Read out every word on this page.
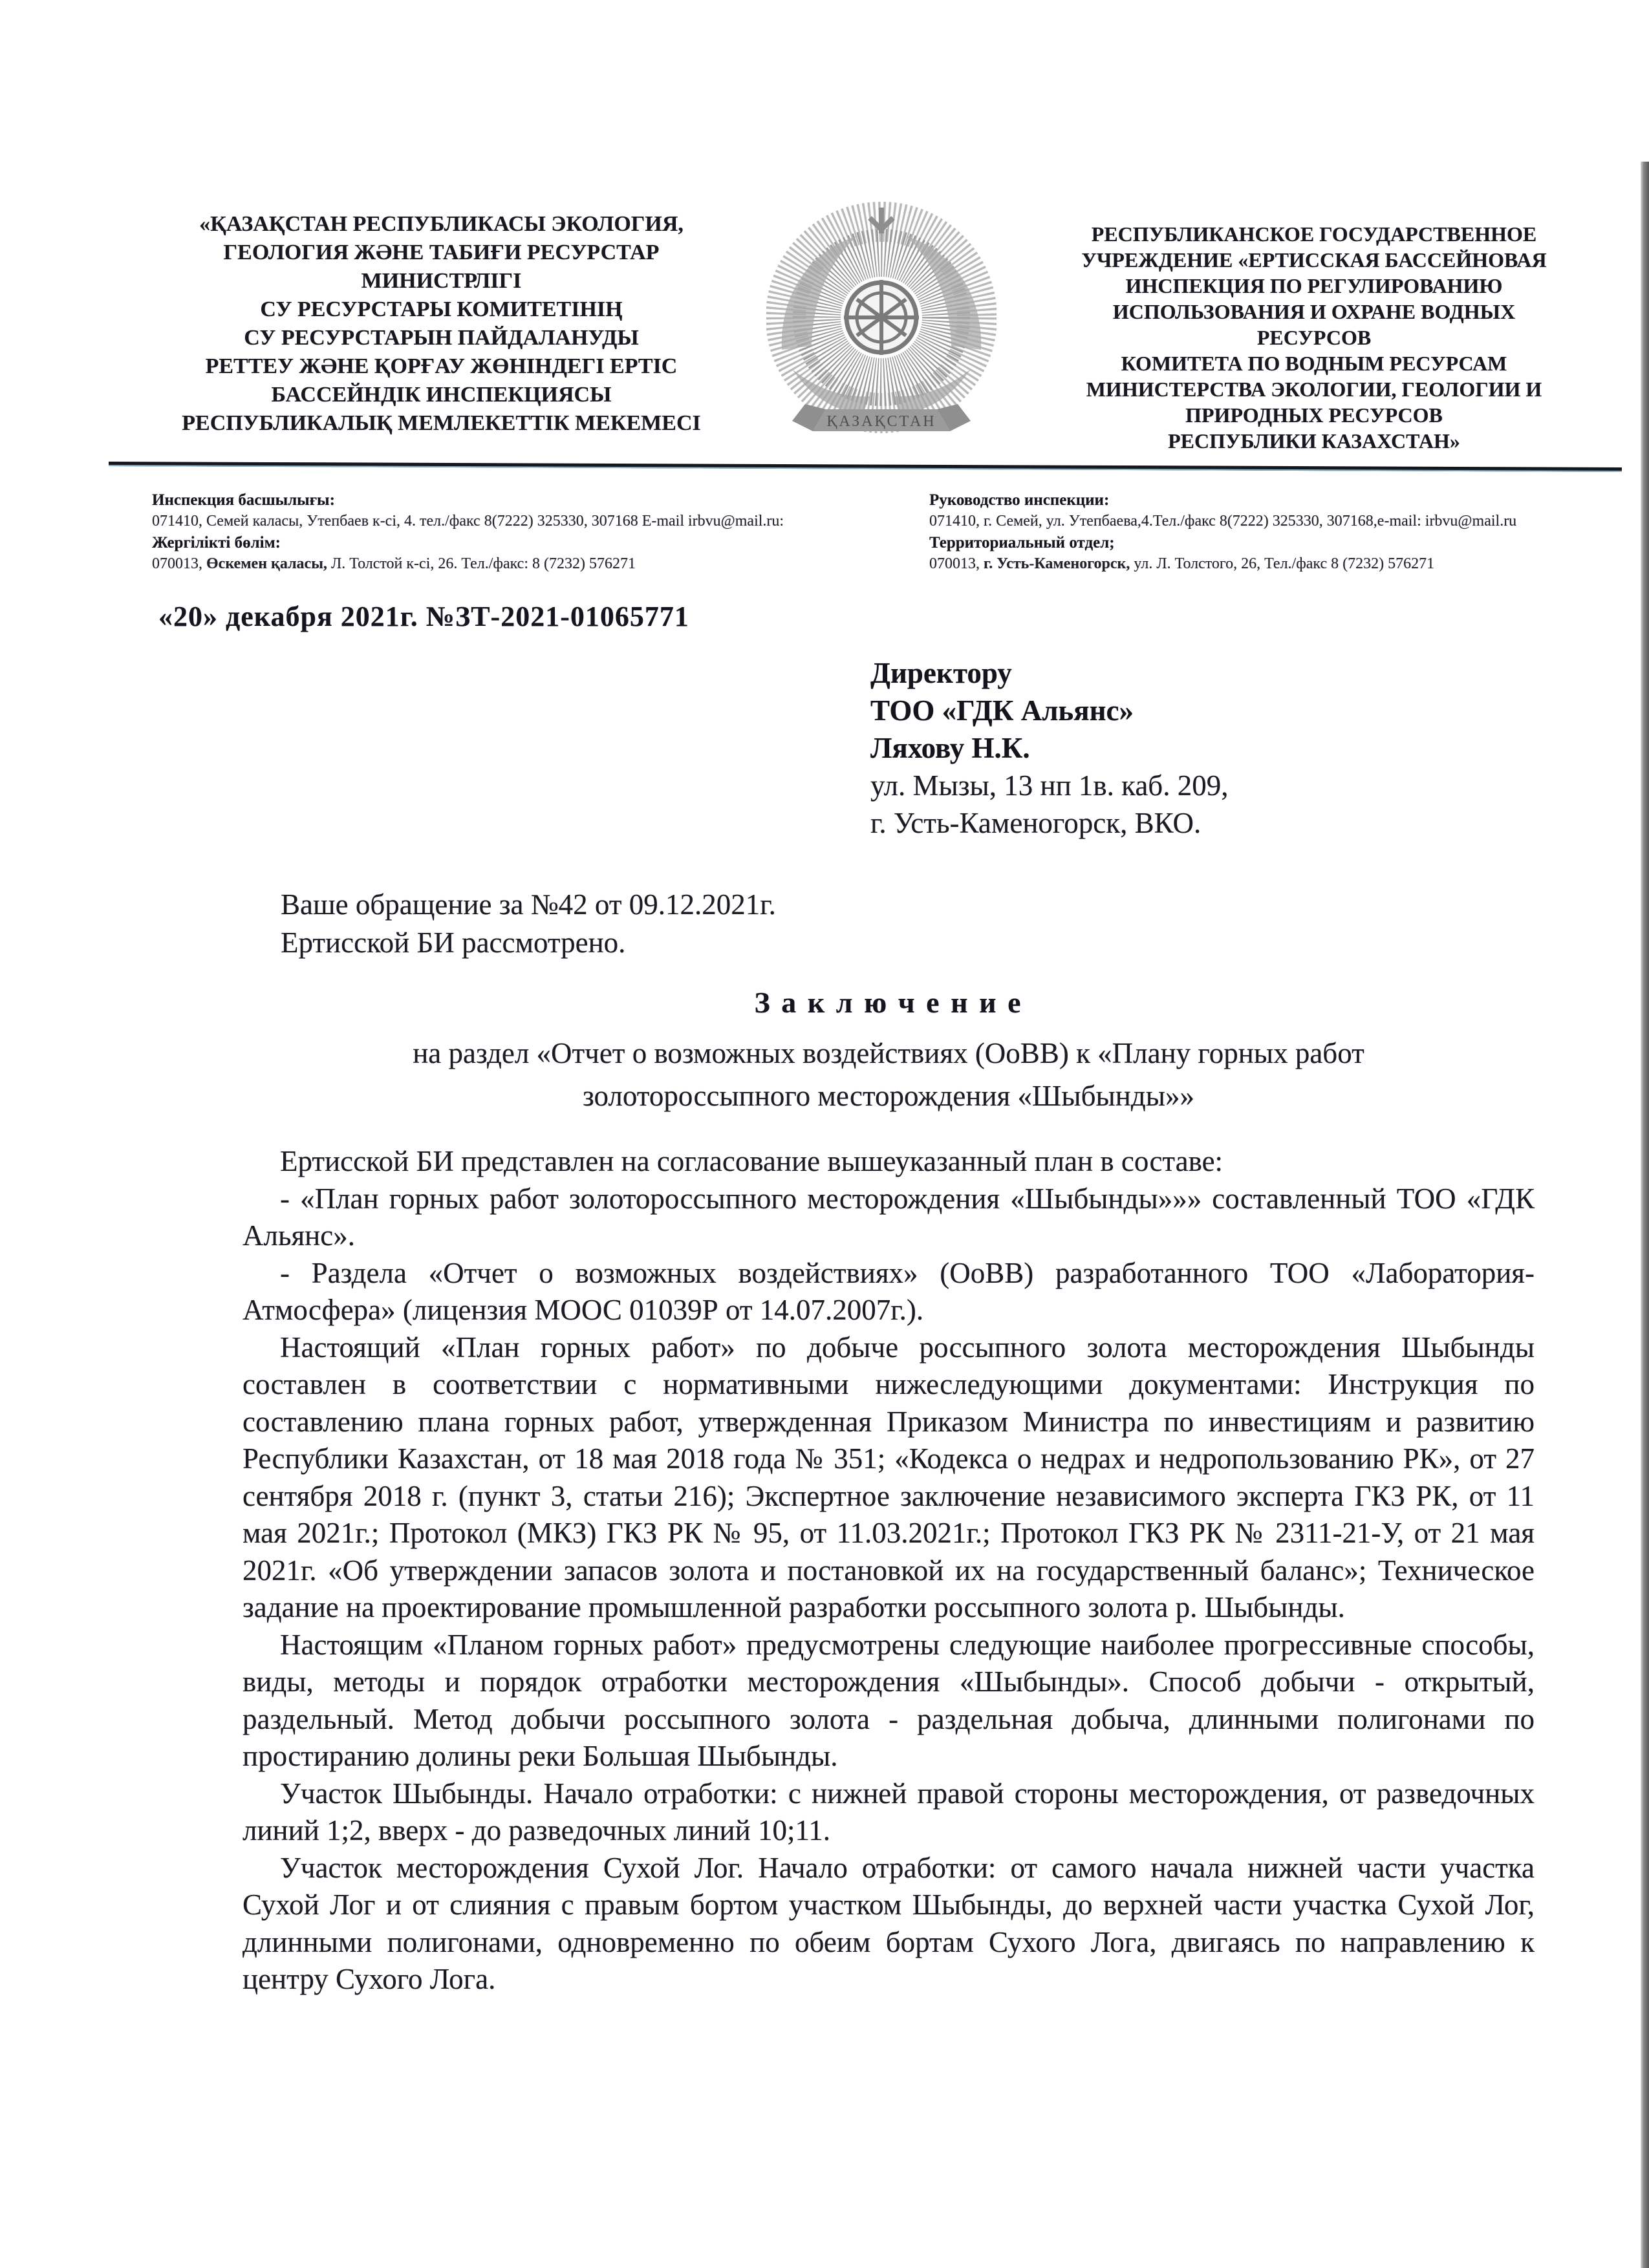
«ҚАЗАҚСТАН РЕСПУБЛИКАСЫ ЭКОЛОГИЯ,
ГЕОЛОГИЯ ЖӘНЕ ТАБИҒИ РЕСУРСТАР
МИНИСТРЛІГІ
СУ РЕСУРСТАРЫ КОМИТЕТІНІҢ
СУ РЕСУРСТАРЫН ПАЙДАЛАНУДЫ
РЕТТЕУ ЖӘНЕ ҚОРҒАУ ЖӨНІНДЕГІ ЕРТІС
БАССЕЙНДІК ИНСПЕКЦИЯСЫ
РЕСПУБЛИКАЛЫҚ МЕМЛЕКЕТТІК МЕКЕМЕСІ	ҚАЗАҚСТАН
РЕСПУБЛИКАНСКОЕ ГОСУДАРСТВЕННОЕ
УЧРЕЖДЕНИЕ «ЕРТИССКАЯ БАССЕЙНОВАЯ
ИНСПЕКЦИЯ ПО РЕГУЛИРОВАНИЮ
ИСПОЛЬЗОВАНИЯ И ОХРАНЕ ВОДНЫХ
РЕСУРСОВ
КОМИТЕТА ПО ВОДНЫМ РЕСУРСАМ
МИНИСТЕРСТВА ЭКОЛОГИИ, ГЕОЛОГИИ И
ПРИРОДНЫХ РЕСУРСОВ
РЕСПУБЛИКИ КАЗАХСТАН»
Инспекция басшылығы:
071410, Семей каласы, Утепбаев к-сі, 4. тел./факс 8(7222) 325330, 307168 E-mail irbvu@mail.ru:
Жергілікті бөлім:
070013, Өскемен қаласы, Л. Толстой к-сі, 26. Тел./факс: 8 (7232) 576271
Руководство инспекции:
071410, г. Семей, ул. Утепбаева,4.Тел./факс 8(7222) 325330, 307168,e-mail: irbvu@mail.ru
Территориальный отдел;
070013, г. Усть-Каменогорск, ул. Л. Толстого, 26, Тел./факс 8 (7232) 576271
«20» декабря 2021г. №ЗТ-2021-01065771
Директору
ТОО «ГДК Альянс»
Ляхову Н.К.
ул. Мызы, 13 нп 1в. каб. 209,
г. Усть-Каменогорск, ВКО.
Ваше обращение за №42 от 09.12.2021г.
Ертисской БИ рассмотрено.
З а к л ю ч е н и е
на раздел «Отчет о возможных воздействиях (ОоВВ) к «Плану горных работ
золотороссыпного месторождения «Шыбынды»»
Ертисской БИ представлен на согласование вышеуказанный план в составе:
- «План горных работ золотороссыпного месторождения «Шыбынды»»» составленный ТОО «ГДК Альянс».
- Раздела «Отчет о возможных воздействиях» (ОоВВ) разработанного ТОО «Лаборатория-Атмосфера» (лицензия МООС 01039Р от 14.07.2007г.).
Настоящий «План горных работ» по добыче россыпного золота месторождения Шыбынды составлен в соответствии с нормативными нижеследующими документами: Инструкция по составлению плана горных работ, утвержденная Приказом Министра по инвестициям и развитию Республики Казахстан, от 18 мая 2018 года № 351; «Кодекса о недрах и недропользованию РК», от 27 сентября 2018 г. (пункт 3, статьи 216); Экспертное заключение независимого эксперта ГКЗ РК, от 11 мая 2021г.; Протокол (МКЗ) ГКЗ РК № 95, от 11.03.2021г.; Протокол ГКЗ РК № 2311-21-У, от 21 мая 2021г. «Об утверждении запасов золота и постановкой их на государственный баланс»; Техническое задание на проектирование промышленной разработки россыпного золота р. Шыбынды.
Настоящим «Планом горных работ» предусмотрены следующие наиболее прогрессивные способы, виды, методы и порядок отработки месторождения «Шыбынды». Способ добычи - открытый, раздельный. Метод добычи россыпного золота - раздельная добыча, длинными полигонами по простиранию долины реки Большая Шыбынды.
Участок Шыбынды. Начало отработки: с нижней правой стороны месторождения, от разведочных линий 1;2, вверх - до разведочных линий 10;11.
Участок месторождения Сухой Лог. Начало отработки: от самого начала нижней части участка Сухой Лог и от слияния с правым бортом участком Шыбынды, до верхней части участка Сухой Лог, длинными полигонами, одновременно по обеим бортам Сухого Лога, двигаясь по направлению к центру Сухого Лога.
